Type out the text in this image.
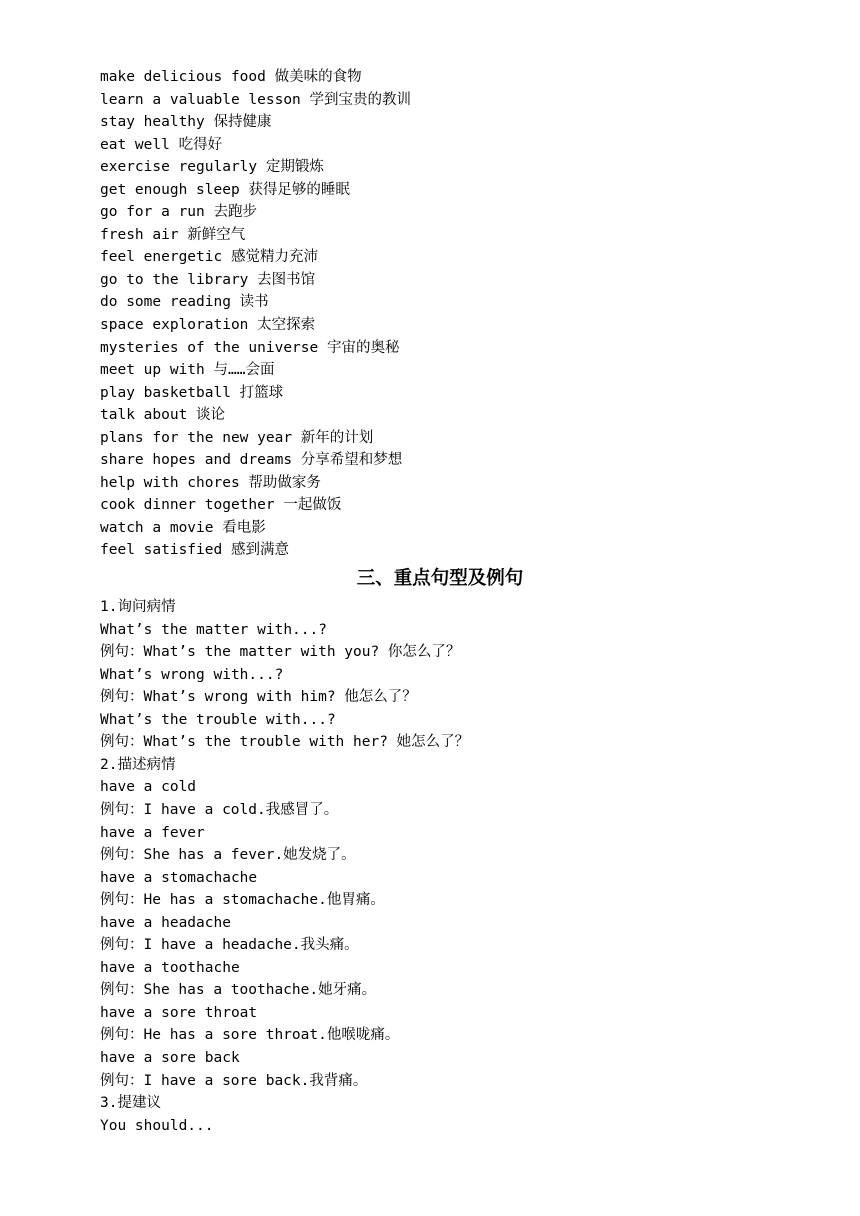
make delicious food 做美味的食物
learn a valuable lesson 学到宝贵的教训
stay healthy 保持健康
eat well 吃得好
exercise regularly 定期锻炼
get enough sleep 获得足够的睡眠
go for a run 去跑步
fresh air 新鲜空气
feel energetic 感觉精力充沛
go to the library 去图书馆
do some reading 读书
space exploration 太空探索
mysteries of the universe 宇宙的奥秘
meet up with 与……会面
play basketball 打篮球
talk about 谈论
plans for the new year 新年的计划
share hopes and dreams 分享希望和梦想
help with chores 帮助做家务
cook dinner together 一起做饭
watch a movie 看电影
feel satisfied 感到满意
三、重点句型及例句
1.询问病情
What’s the matter with...?
例句：What’s the matter with you? 你怎么了？
What’s wrong with...?
例句：What’s wrong with him? 他怎么了？
What’s the trouble with...?
例句：What’s the trouble with her? 她怎么了？
2.描述病情
have a cold
例句：I have a cold.我感冒了。
have a fever
例句：She has a fever.她发烧了。
have a stomachache
例句：He has a stomachache.他胃痛。
have a headache
例句：I have a headache.我头痛。
have a toothache
例句：She has a toothache.她牙痛。
have a sore throat
例句：He has a sore throat.他喉咙痛。
have a sore back
例句：I have a sore back.我背痛。
3.提建议
You should...
